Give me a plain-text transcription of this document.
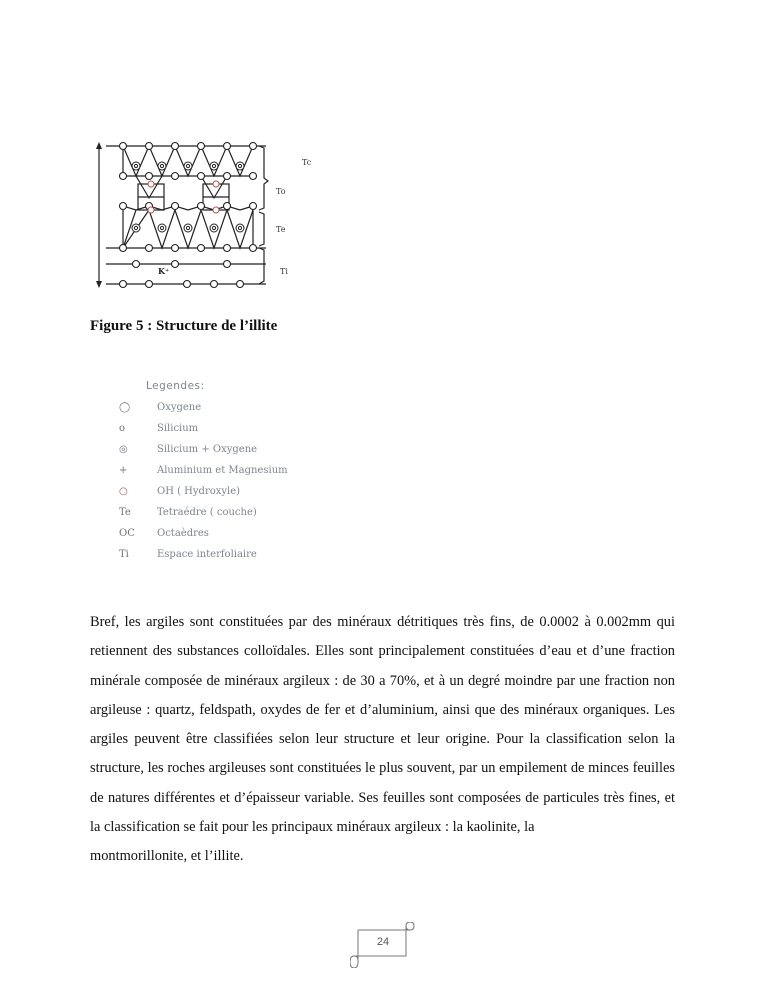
Tc
To
Te
Ti
K⁺
Figure 5 : Structure de l’illite
Legendes:
◯	Oxygene
o	Silicium
◎	Silicium + Oxygene
+	Aluminium et Magnesium
○	OH ( Hydroxyle)
Te	Tetraédre ( couche)
OC	Octaèdres
Ti	Espace interfoliaire
Bref, les argiles sont constituées par des minéraux détritiques très fins, de 0.0002 à 0.002mm qui retiennent des substances colloïdales. Elles sont principalement constituées d’eau et d’une fraction minérale composée de minéraux argileux : de 30 a 70%, et à un degré moindre par une fraction non argileuse : quartz, feldspath, oxydes de fer et d’aluminium, ainsi que des minéraux organiques. Les argiles peuvent être classifiées selon leur structure et leur origine. Pour la classification selon la structure, les roches argileuses sont constituées le plus souvent, par un empilement de minces feuilles de natures différentes et d’épaisseur variable. Ses feuilles sont composées de particules très fines, et la classification se fait pour les principaux minéraux argileux : la kaolinite, la
montmorillonite, et l’illite.
24
